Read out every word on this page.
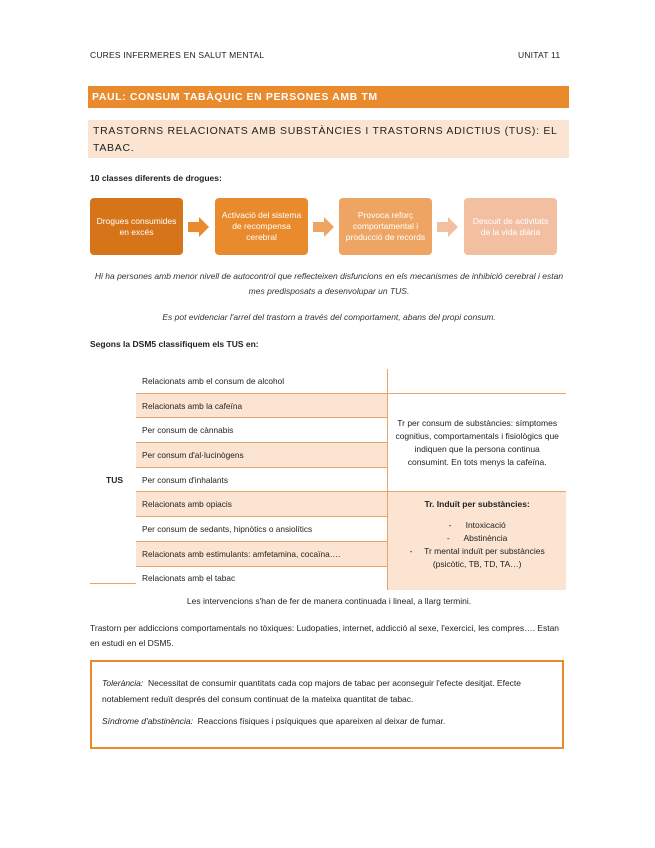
CURES INFERMERES EN SALUT MENTAL	UNITAT 11
PAUL: CONSUM TABÀQUIC EN PERSONES AMB TM
TRASTORNS RELACIONATS AMB SUBSTÀNCIES I TRASTORNS ADICTIUS (TUS): EL TABAC.
10 classes diferents de drogues:
Drogues consumides en excés
Activació del sistema de recompensa cerebral
Provoca reforç comportamental i producció de records
Descuit de activitats de la vida diària
Hi ha persones amb menor nivell de autocontrol que reflecteixen disfuncions en els mecanismes de inhibició cerebral i estan mes predisposats a desenvolupar un TUS.
Es pot evidenciar l'arrel del trastorn a través del comportament, abans del propi consum.
Segons la DSM5 classifiquem els TUS en:
TUS
Relacionats amb el consum de alcohol	
Relacionats amb la cafeïna	Tr per consum de substàncies: símptomes cognitius, comportamentals i fisiològics que indiquen que la persona continua consumint. En tots menys la cafeïna.
Per consum de cànnabis	
Per consum d'al·lucinògens	
Per consum d'inhalants	
Relacionats amb opiacis	Tr. Induït per substàncies:
-      Intoxicació
-      Abstinència
-     Tr mental induït per substàncies (psicòtic, TB, TD, TA…)

Per consum de sedants, hipnòtics o ansiolítics	
Relacionats amb estimulants: amfetamina, cocaïna….	
Relacionats amb el tabac	
Les intervencions s'han de fer de manera continuada i lineal, a llarg termini.
Trastorn per addiccions comportamentals no tòxiques: Ludopaties, internet, addicció al sexe, l'exercici, les compres…. Estan en estudi en el DSM5.
Tolerància: Necessitat de consumir quantitats cada cop majors de tabac per aconseguir l'efecte desitjat. Efecte notablement reduït després del consum continuat de la mateixa quantitat de tabac.
Síndrome d'abstinència: Reaccions físiques i psíquiques que apareixen al deixar de fumar.
